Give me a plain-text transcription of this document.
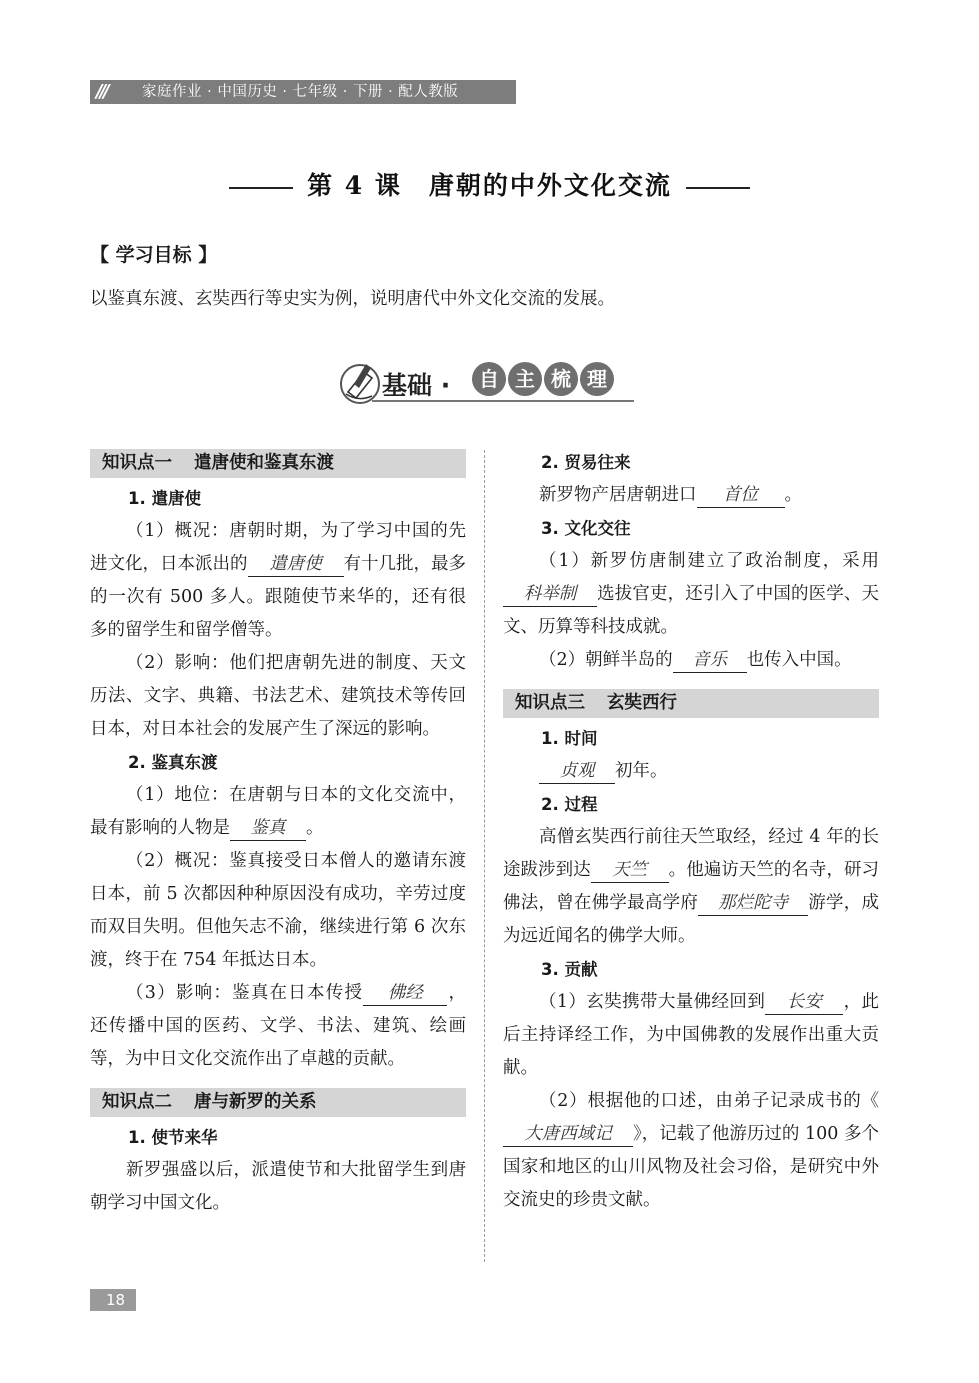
/// 家庭作业 · 中国历史 · 七年级 · 下册 · 配人教版
第 4 课　唐朝的中外文化交流
【 学习目标 】
以鉴真东渡、玄奘西行等史实为例，说明唐代中外文化交流的发展。
基础 ·	自 主 梳 理
知识点一 遣唐使和鉴真东渡
1. 遣唐使
（1）概况：唐朝时期，为了学习中国的先进文化，日本派出的 遣唐使 有十几批，最多的一次有 500 多人。跟随使节来华的，还有很多的留学生和留学僧等。
（2）影响：他们把唐朝先进的制度、天文历法、文字、典籍、书法艺术、建筑技术等传回日本，对日本社会的发展产生了深远的影响。
2. 鉴真东渡
（1）地位：在唐朝与日本的文化交流中，最有影响的人物是 鉴真 。
（2）概况：鉴真接受日本僧人的邀请东渡日本，前 5 次都因种种原因没有成功，辛劳过度而双目失明。但他矢志不渝，继续进行第 6 次东渡，终于在 754 年抵达日本。
（3）影响：鉴真在日本传授 佛经 ，还传播中国的医药、文学、书法、建筑、绘画等，为中日文化交流作出了卓越的贡献。
知识点二 唐与新罗的关系
1. 使节来华
新罗强盛以后，派遣使节和大批留学生到唐朝学习中国文化。
2. 贸易往来
新罗物产居唐朝进口 首位 。
3. 文化交往
（1）新罗仿唐制建立了政治制度，采用科举制 选拔官吏，还引入了中国的医学、天文、历算等科技成就。
（2）朝鲜半岛的 音乐 也传入中国。
知识点三 玄奘西行
1. 时间
贞观 初年。
2. 过程
高僧玄奘西行前往天竺取经，经过 4 年的长途跋涉到达 天竺 。他遍访天竺的名寺，研习佛法，曾在佛学最高学府 那烂陀寺 游学，成为远近闻名的佛学大师。
3. 贡献
（1）玄奘携带大量佛经回到 长安 ，此后主持译经工作，为中国佛教的发展作出重大贡献。
（2）根据他的口述，由弟子记录成书的《大唐西域记 》，记载了他游历过的 100 多个国家和地区的山川风物及社会习俗，是研究中外交流史的珍贵文献。
18
